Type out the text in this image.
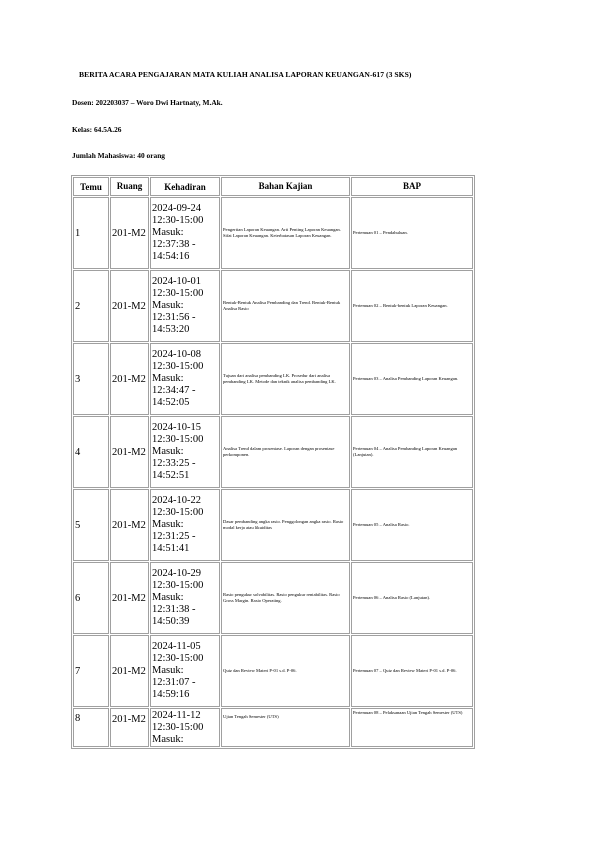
BERITA ACARA PENGAJARAN MATA KULIAH ANALISA LAPORAN KEUANGAN-617 (3 SKS)
Dosen: 202203037 – Woro Dwi Hartnaty, M.Ak.
Kelas: 64.5A.26
Jumlah Mahasiswa: 40 orang
Temu	Ruang	Kehadiran	Bahan Kajian	BAP
1	201-M2	2024-09-24
12:30-15:00
Masuk:
12:37:38 - 14:54:16	Pengertian Laporan Keuangan. Arti Penting Laporan Keuangan. Sifat Laporan Keuangan. Keterbatasan Laporan Keuangan.	Pertemuan 01 – Pendahuluan.
2	201-M2	2024-10-01
12:30-15:00
Masuk:
12:31:56 - 14:53:20	Bentuk-Bentuk Analisa Pembanding dan Trend. Bentuk-Bentuk Analisa Rasio	Pertemuan 02 – Bentuk-bentuk Laporan Keuangan.
3	201-M2	2024-10-08
12:30-15:00
Masuk:
12:34:47 - 14:52:05	Tujuan dari analisa pembanding LK. Prosedur dari analisa pembanding LK. Metode dan teknik analisa pembanding LK.	Pertemuan 03 – Analisa Pembanding Laporan Keuangan.
4	201-M2	2024-10-15
12:30-15:00
Masuk:
12:33:25 - 14:52:51	Analisa Trend dalam prosentase. Laporan dengan prosentase perkomponen.	Pertemuan 04 – Analisa Pembanding Laporan Keuangan (Lanjutan).
5	201-M2	2024-10-22
12:30-15:00
Masuk:
12:31:25 - 14:51:41	Dasar pembanding angka rasio. Penggolongan angka rasio. Rasio modal kerja atau likuiditas	Pertemuan 05 – Analisa Rasio.
6	201-M2	2024-10-29
12:30-15:00
Masuk:
12:31:38 - 14:50:39	Rasio pengukur solvabilitas. Rasio pengukur rentabilitas. Rasio Gross Margin. Rasio Operating.	Pertemuan 06 – Analisa Rasio (Lanjutan).
7	201-M2	2024-11-05
12:30-15:00
Masuk:
12:31:07 - 14:59:16	Quiz dan Review Materi P-01 s.d. P-06.	Pertemuan 07 – Quiz dan Review Materi P-01 s.d. P-06.
8	201-M2	2024-11-12
12:30-15:00
Masuk:	Ujian Tengah Semester (UTS)	Pertemuan 08 – Pelaksanaan Ujian Tengah Semester (UTS)
